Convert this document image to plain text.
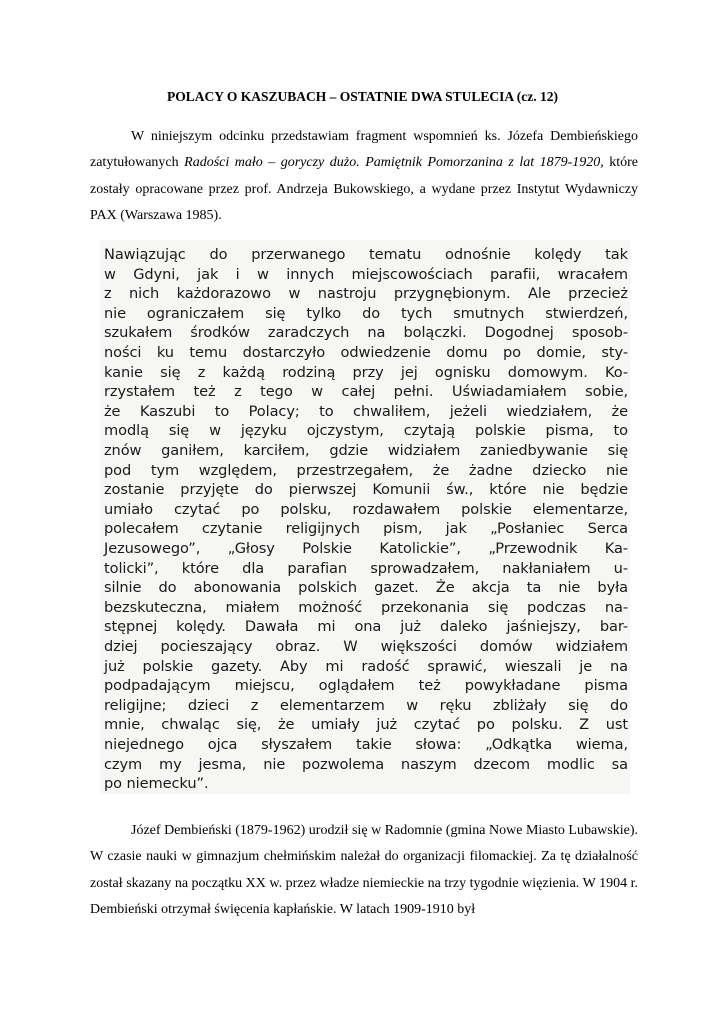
POLACY O KASZUBACH – OSTATNIE DWA STULECIA (cz. 12)

W niniejszym odcinku przedstawiam fragment wspomnień ks. Józefa Dembieńskiego zatytułowanych Radości mało – goryczy dużo. Pamiętnik Pomorzanina z lat 1879-1920, które zostały opracowane przez prof. Andrzeja Bukowskiego, a wydane przez Instytut Wydawniczy PAX (Warszawa 1985).

Nawiązując do przerwanego tematu odnośnie kolędy tak
w Gdyni, jak i w innych miejscowościach parafii, wracałem
z nich każdorazowo w nastroju przygnębionym. Ale przecież
nie ograniczałem się tylko do tych smutnych stwierdzeń,
szukałem środków zaradczych na bolączki. Dogodnej sposob-
ności ku temu dostarczyło odwiedzenie domu po domie, sty-
kanie się z każdą rodziną przy jej ognisku domowym. Ko-
rzystałem też z tego w całej pełni. Uświadamiałem sobie,
że Kaszubi to Polacy; to chwaliłem, jeżeli wiedziałem, że
modlą się w języku ojczystym, czytają polskie pisma, to
znów ganiłem, karciłem, gdzie widziałem zaniedbywanie się
pod tym względem, przestrzegałem, że żadne dziecko nie
zostanie przyjęte do pierwszej Komunii św., które nie będzie
umiało czytać po polsku, rozdawałem polskie elementarze,
polecałem czytanie religijnych pism, jak „Posłaniec Serca
Jezusowego”, „Głosy Polskie Katolickie”, „Przewodnik Ka-
tolicki”, które dla parafian sprowadzałem, nakłaniałem u-
silnie do abonowania polskich gazet. Że akcja ta nie była
bezskuteczna, miałem możność przekonania się podczas na-
stępnej kolędy. Dawała mi ona już daleko jaśniejszy, bar-
dziej pocieszający obraz. W większości domów widziałem
już polskie gazety. Aby mi radość sprawić, wieszali je na
podpadającym miejscu, oglądałem też powykładane pisma
religijne; dzieci z elementarzem w ręku zbliżały się do
mnie, chwaląc się, że umiały już czytać po polsku. Z ust
niejednego ojca słyszałem takie słowa: „Odkątka wiema,
czym my jesma, nie pozwolema naszym dzecom modlic sa
po niemecku”.

Józef Dembieński (1879-1962) urodził się w Radomnie (gmina Nowe Miasto Lubawskie). W czasie nauki w gimnazjum chełmińskim należał do organizacji filomackiej. Za tę działalność został skazany na początku XX w. przez władze niemieckie na trzy tygodnie więzienia. W 1904 r. Dembieński otrzymał święcenia kapłańskie. W latach 1909-1910 był
